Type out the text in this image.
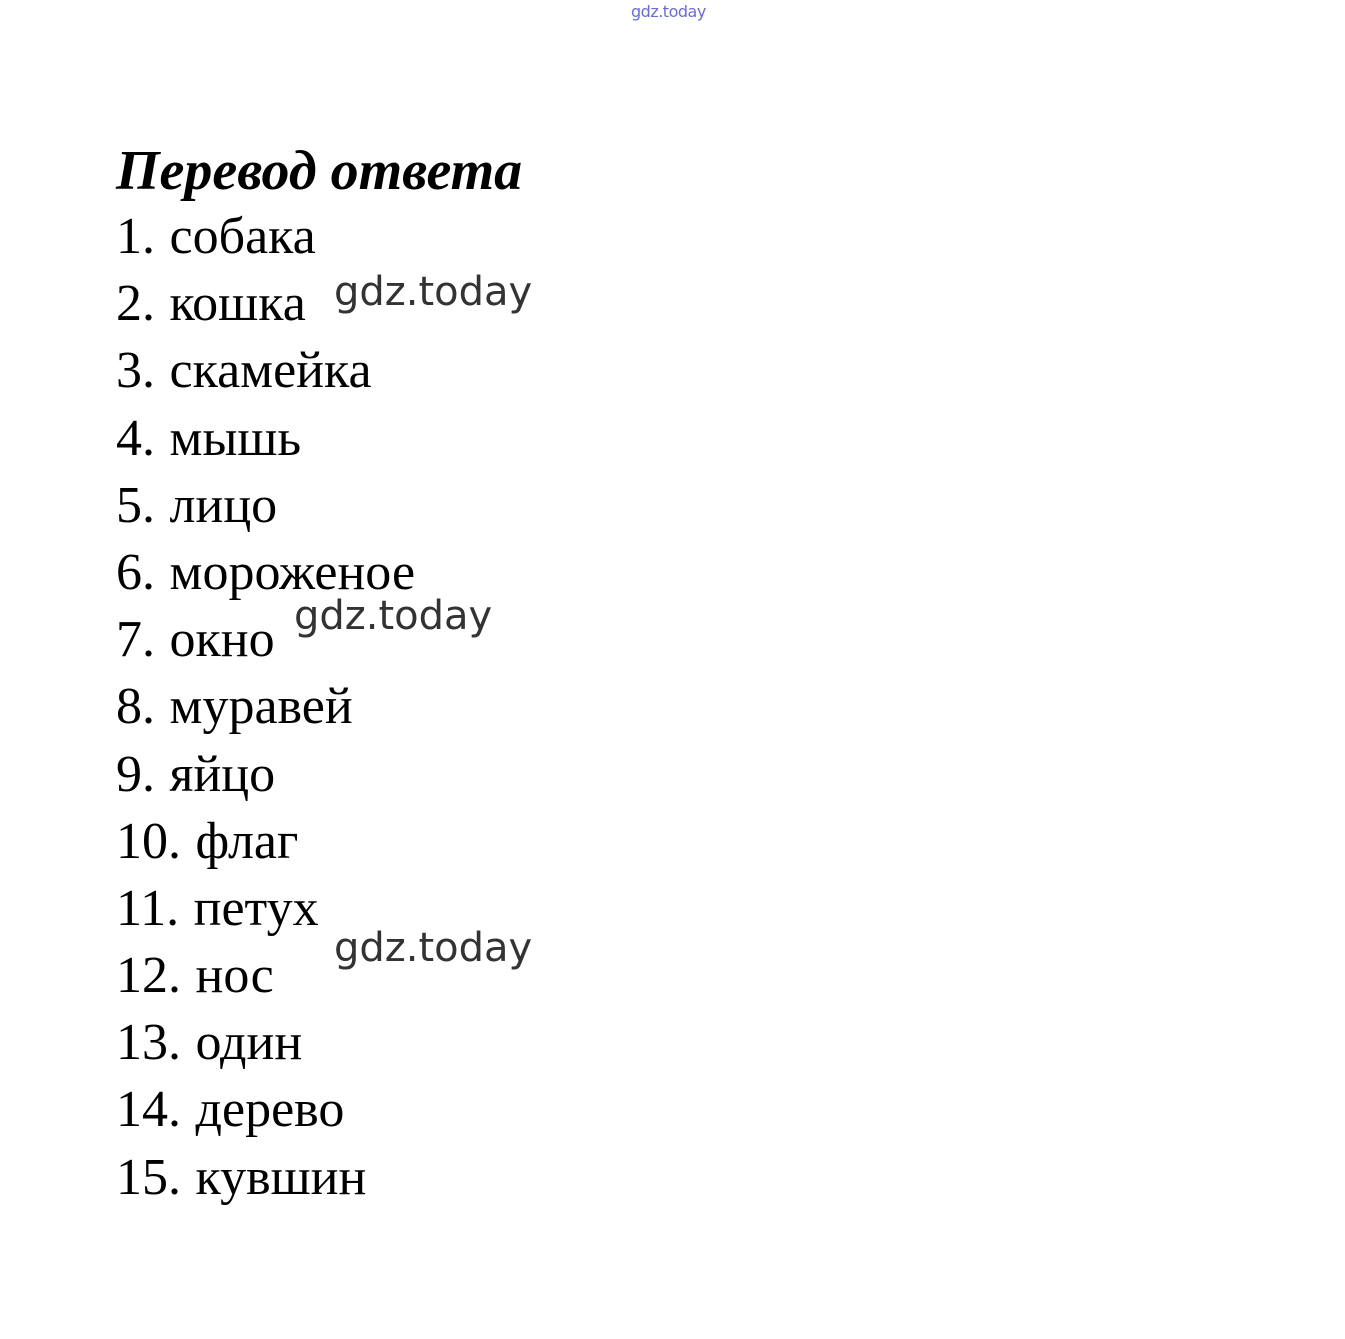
gdz.today
Перевод ответа
1. собака
2. кошка
3. скамейка
4. мышь
5. лицо
6. мороженое
7. окно
8. муравей
9. яйцо
10. флаг
11. петух
12. нос
13. один
14. дерево
15. кувшин
gdz.today
gdz.today
gdz.today
